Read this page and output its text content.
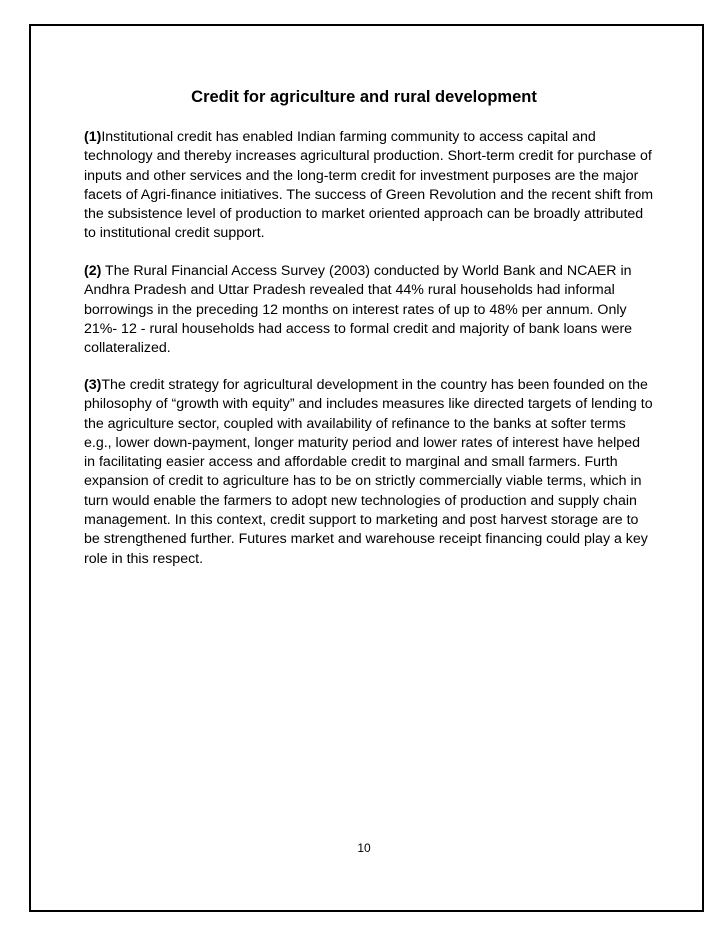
Credit for agriculture and rural development
(1)Institutional credit has enabled Indian farming community to access capital and technology and thereby increases agricultural production. Short-term credit for purchase of inputs and other services and the long-term credit for investment purposes are the major facets of Agri-finance initiatives. The success of Green Revolution and the recent shift from the subsistence level of production to market oriented approach can be broadly attributed to institutional credit support.
(2) The Rural Financial Access Survey (2003) conducted by World Bank and NCAER in Andhra Pradesh and Uttar Pradesh revealed that 44% rural households had informal borrowings in the preceding 12 months on interest rates of up to 48% per annum. Only 21%- 12 - rural households had access to formal credit and majority of bank loans were collateralized.
(3)The credit strategy for agricultural development in the country has been founded on the philosophy of “growth with equity” and includes measures like directed targets of lending to the agriculture sector, coupled with availability of refinance to the banks at softer terms e.g., lower down-payment, longer maturity period and lower rates of interest have helped in facilitating easier access and affordable credit to marginal and small farmers. Furth expansion of credit to agriculture has to be on strictly commercially viable terms, which in turn would enable the farmers to adopt new technologies of production and supply chain management. In this context, credit support to marketing and post harvest storage are to be strengthened further. Futures market and warehouse receipt financing could play a key role in this respect.
10
